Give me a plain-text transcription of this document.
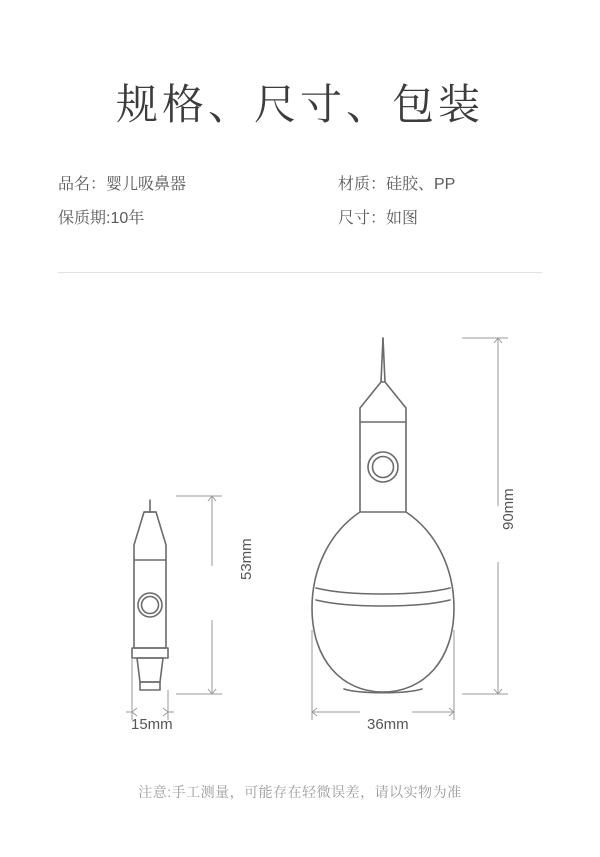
规格、尺寸、包装
品名：婴儿吸鼻器
保质期:10年
材质：硅胶、PP
尺寸：如图
53mm
90mm
15mm	36mm
注意:手工测量，可能存在轻微误差，请以实物为准
